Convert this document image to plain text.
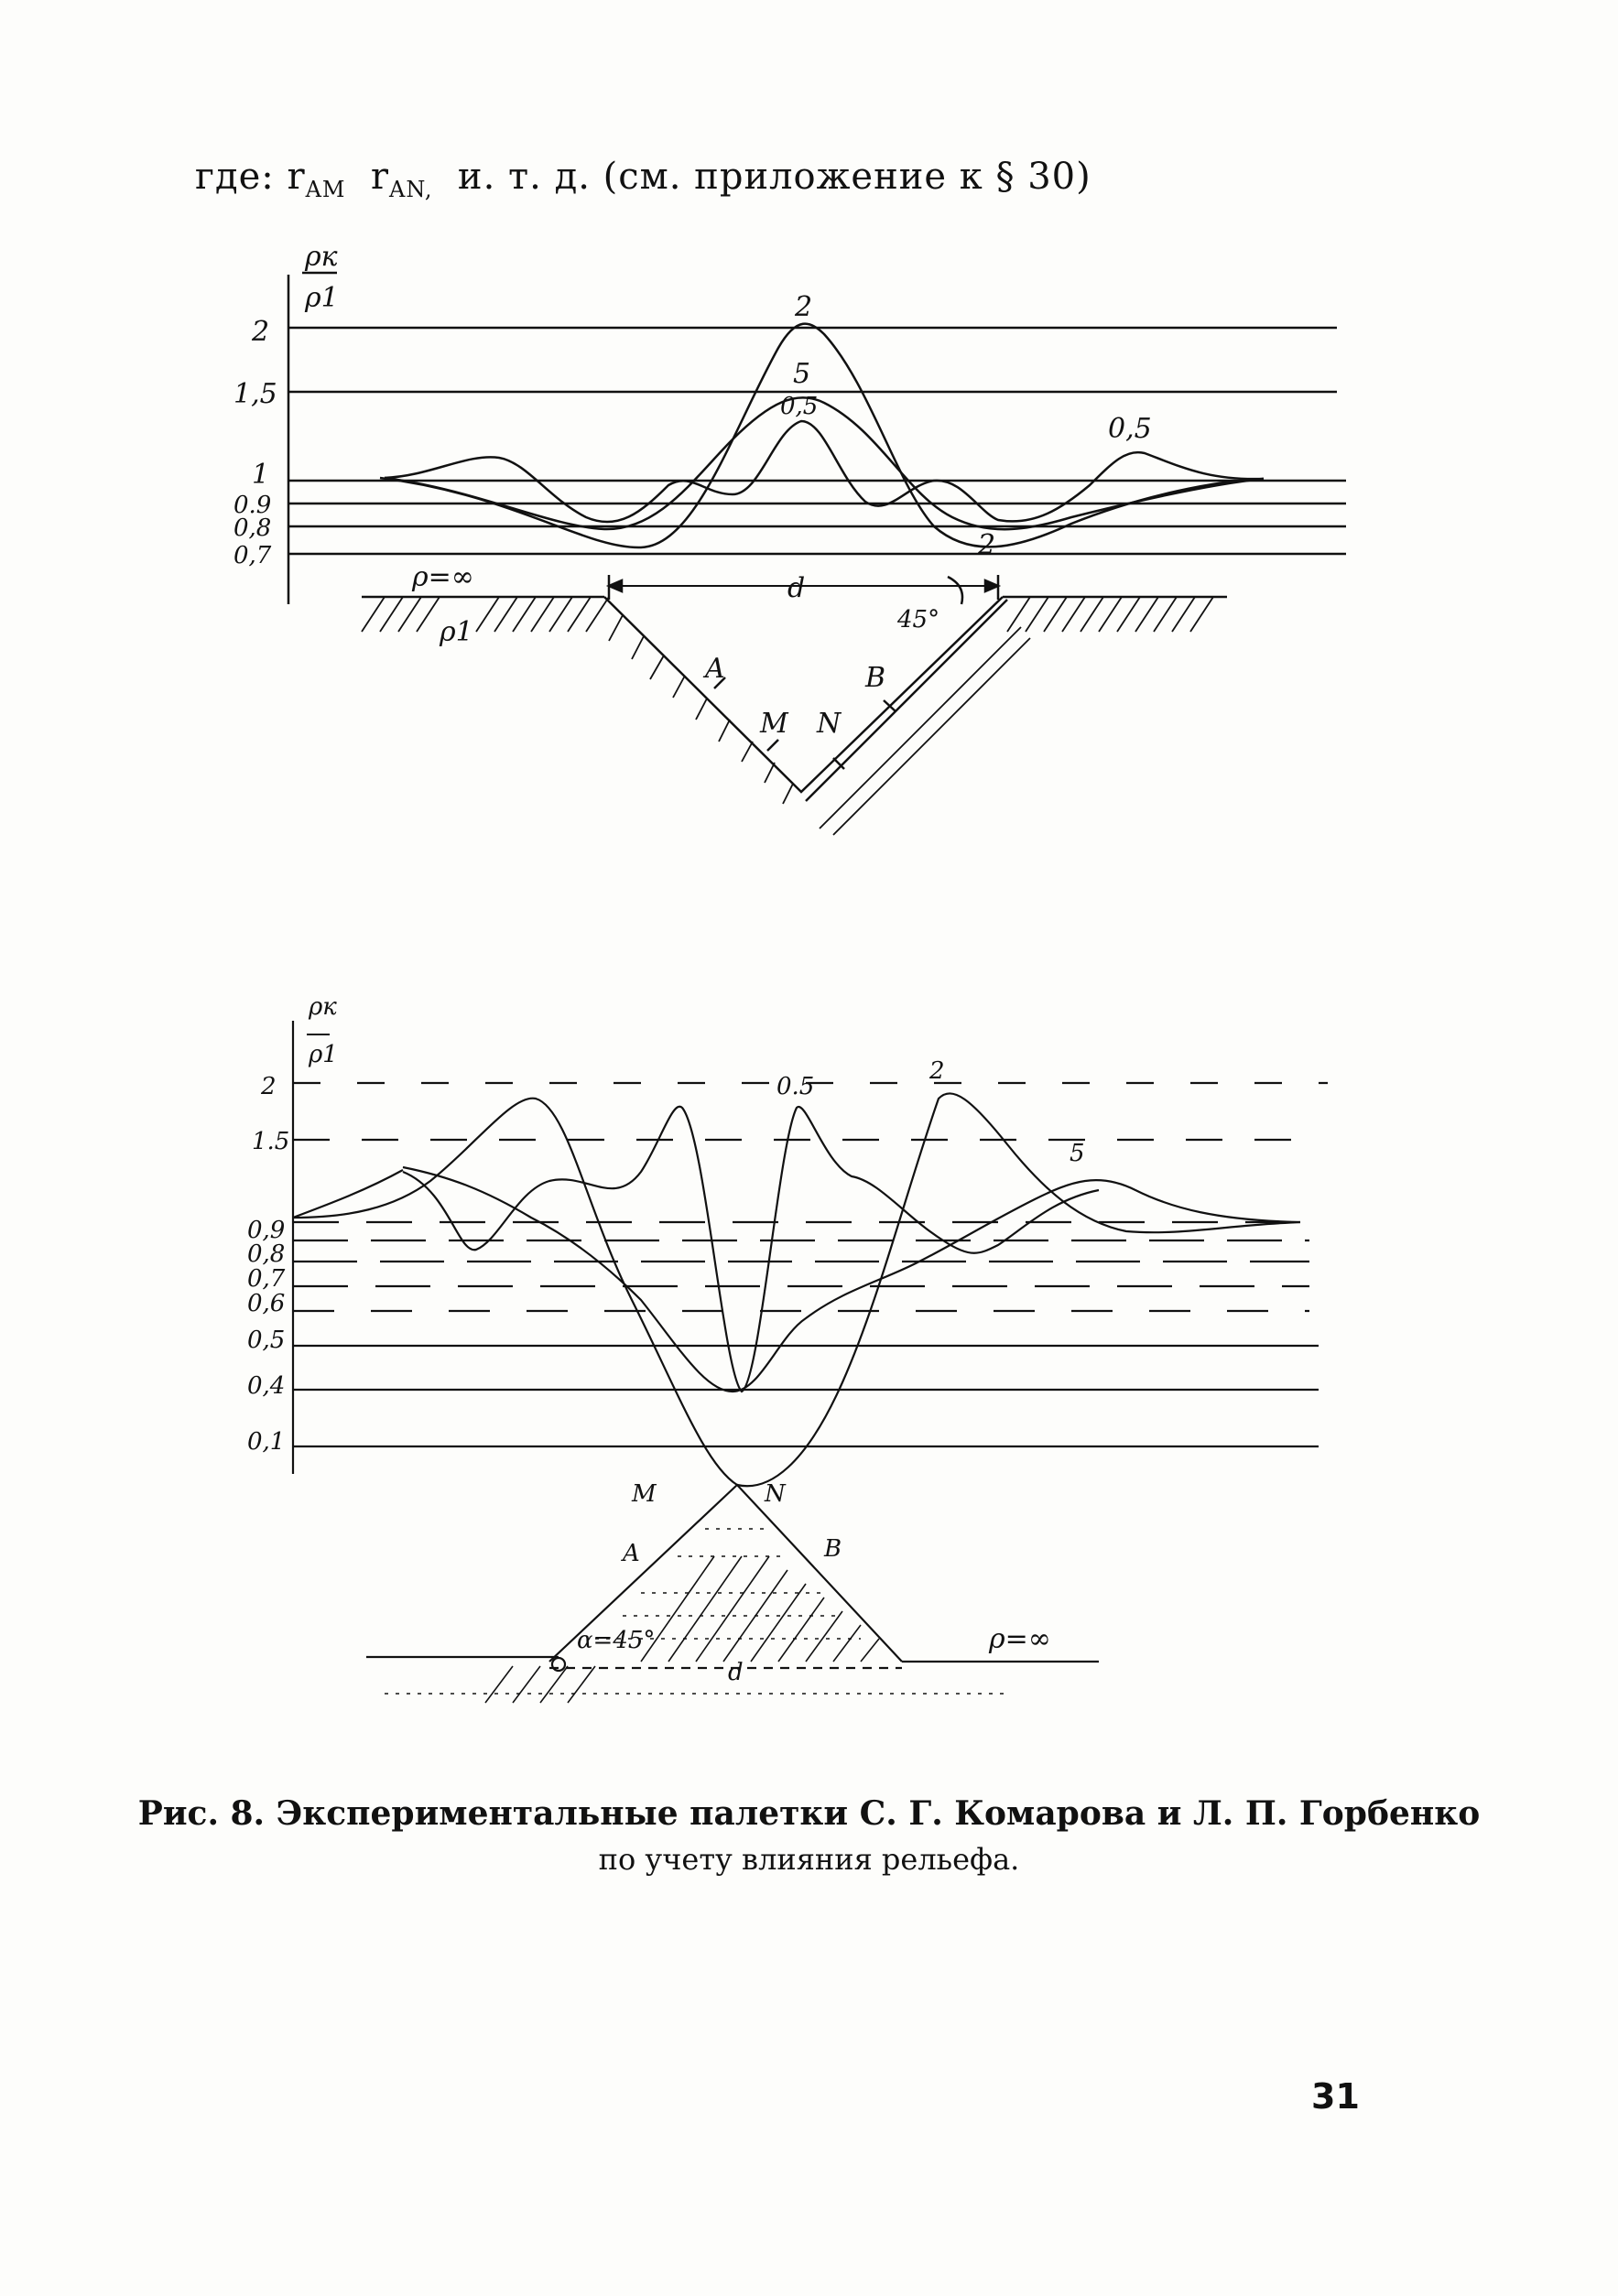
где: $r_{AM}$ $r_{AN,}$ и. т. д. (см. приложение к § 30)
ρк
ρ1
2
1,5
1
0.9
0,8
0,7
2
5
0,5
0,5
2
ρ=∞
ρ1
d
45°
A
M N
B
ρк
ρ1
2
1.5
0,9
0,8
0,7
0,6
0,5
0,4
0,1
0.5
2
5
M	N
A	B
α=45°
d
ρ=∞
Рис. 8. Экспериментальные палетки С. Г. Комарова и Л. П. Горбенко
по учету влияния рельефа.
31
